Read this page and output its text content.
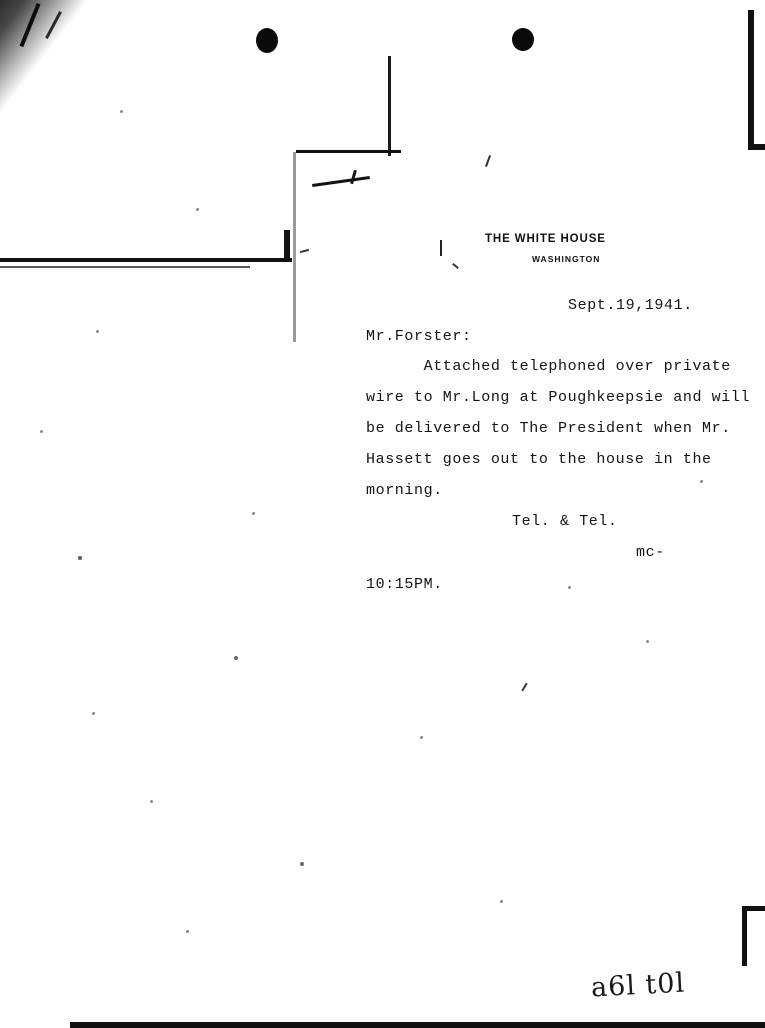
THE WHITE HOUSE
WASHINGTON
Sept.19,1941.
Mr.Forster:
Attached telephoned over private
wire to Mr.Long at Poughkeepsie and will
be delivered to The President when Mr.
Hassett goes out to the house in the
morning.
Tel. & Tel.
mc-
10:15PM.
a6l t0l
